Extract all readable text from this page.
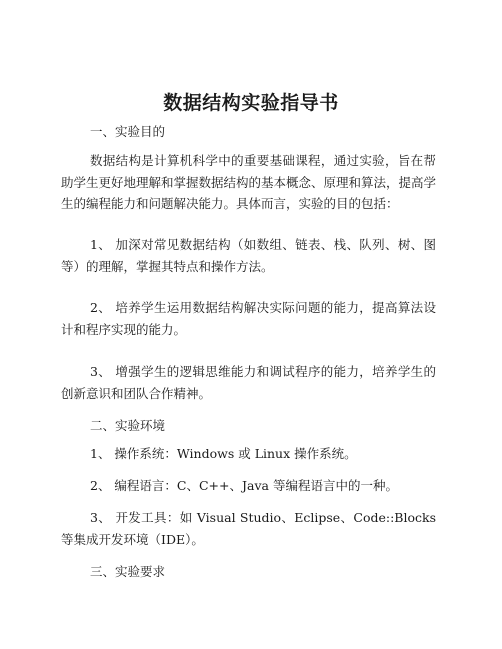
数据结构实验指导书
一、实验目的

数据结构是计算机科学中的重要基础课程，通过实验，旨在帮助学生更好地理解和掌握数据结构的基本概念、原理和算法，提高学生的编程能力和问题解决能力。具体而言，实验的目的包括：

1、 加深对常见数据结构（如数组、链表、栈、队列、树、图等）的理解，掌握其特点和操作方法。

2、 培养学生运用数据结构解决实际问题的能力，提高算法设计和程序实现的能力。

3、 增强学生的逻辑思维能力和调试程序的能力，培养学生的创新意识和团队合作精神。

二、实验环境

1、 操作系统：Windows 或 Linux 操作系统。

2、 编程语言：C、C++、Java 等编程语言中的一种。

3、 开发工具：如 Visual Studio、Eclipse、Code::Blocks 等集成开发环境（IDE）。

三、实验要求
